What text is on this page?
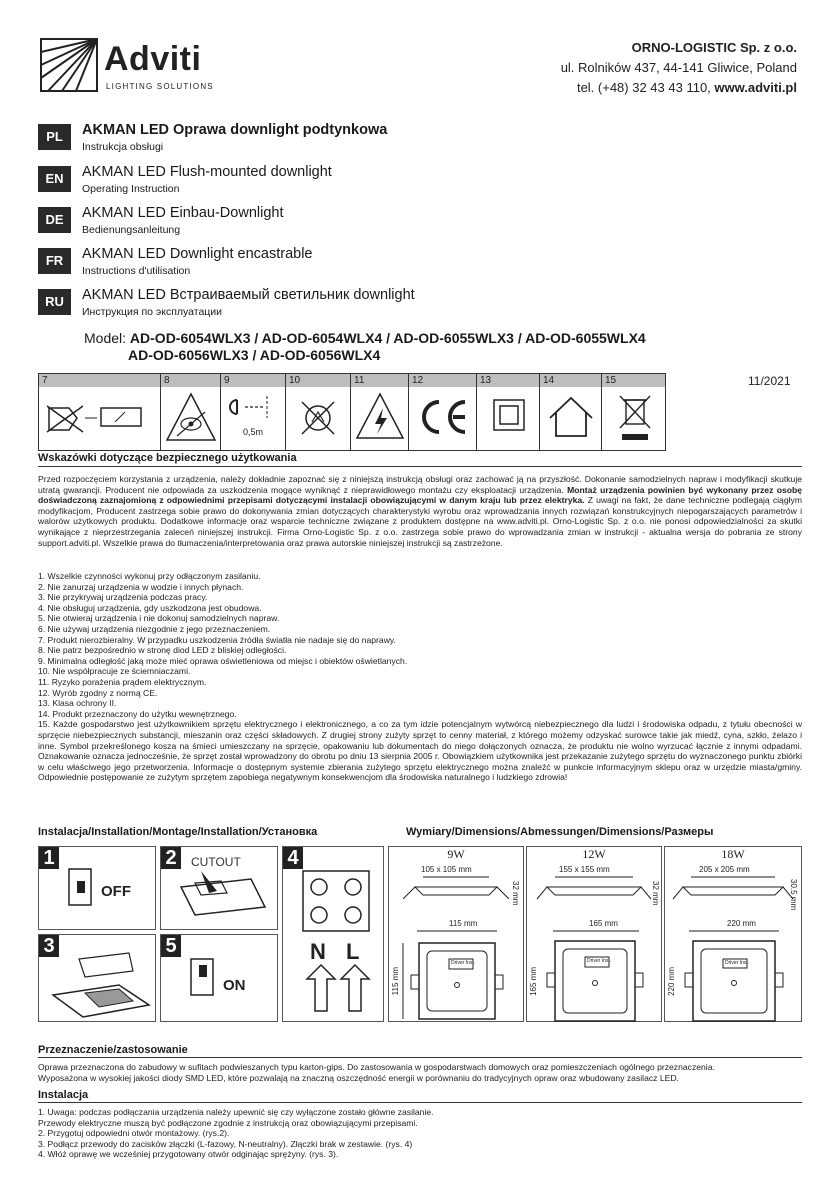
Adviti
LIGHTING SOLUTIONS
ORNO-LOGISTIC Sp. z o.o.
ul. Rolników 437, 44-141 Gliwice, Poland
tel. (+48) 32 43 43 110, www.adviti.pl
PL	AKMAN LED Oprawa downlight podtynkowa
Instrukcja obsługi
EN	AKMAN LED Flush-mounted downlight
Operating Instruction
DE	AKMAN LED Einbau-Downlight
Bedienungsanleitung
FR	AKMAN LED Downlight encastrable
Instructions d'utilisation
RU	AKMAN LED Встраиваемый светильник downlight
Инструкция по эксплуатации
Model: AD-OD-6054WLX3 / AD-OD-6054WLX4 / AD-OD-6055WLX3 / AD-OD-6055WLX4
AD-OD-6056WLX3 / AD-OD-6056WLX4
7	8	9
0,5m
10	11	12	13	14	15	11/2021
Wskazówki dotyczące bezpiecznego użytkowania
Przed rozpoczęciem korzystania z urządzenia, należy dokładnie zapoznać się z niniejszą instrukcją obsługi oraz zachować ją na przyszłość. Dokonanie samodzielnych napraw i modyfikacji skutkuje utratą gwarancji. Producent nie odpowiada za uszkodzenia mogące wyniknąć z nieprawidłowego montażu czy eksploatacji urządzenia. Montaż urządzenia powinien być wykonany przez osobę doświadczoną zaznajomioną z odpowiednimi przepisami dotyczącymi instalacji obowiązującymi w danym kraju lub przez elektryka. Z uwagi na fakt, że dane techniczne podlegają ciągłym modyfikacjom, Producent zastrzega sobie prawo do dokonywania zmian dotyczących charakterystyki wyrobu oraz wprowadzania innych rozwiązań konstrukcyjnych niepogarszających parametrów i walorów użytkowych produktu. Dodatkowe informacje oraz wsparcie techniczne związane z produktem dostępne na www.adviti.pl. Orno-Logistic Sp. z o.o. nie ponosi odpowiedzialności za skutki wynikające z nieprzestrzegania zaleceń niniejszej instrukcji. Firma Orno-Logistic Sp. z o.o. zastrzega sobie prawo do wprowadzania zmian w instrukcji - aktualna wersja do pobrania ze strony support.adviti.pl. Wszelkie prawa do tłumaczenia/interpretowania oraz prawa autorskie niniejszej instrukcji są zastrzeżone.
1. Wszelkie czynności wykonuj przy odłączonym zasilaniu.
2. Nie zanurzaj urządzenia w wodzie i innych płynach.
3. Nie przykrywaj urządzenia podczas pracy.
4. Nie obsługuj urządzenia, gdy uszkodzona jest obudowa.
5. Nie otwieraj urządzenia i nie dokonuj samodzielnych napraw.
6. Nie używaj urządzenia niezgodnie z jego przeznaczeniem.
7. Produkt nierozbieralny. W przypadku uszkodzenia źródła światła nie nadaje się do naprawy.
8. Nie patrz bezpośrednio w stronę diod LED z bliskiej odległości.
9. Minimalna odległość jaką może mieć oprawa oświetleniowa od miejsc i obiektów oświetlanych.
10. Nie współpracuje ze ściemniaczami.
11. Ryzyko porażenia prądem elektrycznym.
12. Wyrób zgodny z normą CE.
13. Klasa ochrony II.
14. Produkt przeznaczony do użytku wewnętrznego.
15. Każde gospodarstwo jest użytkownikiem sprzętu elektrycznego i elektronicznego, a co za tym idzie potencjalnym wytwórcą niebezpiecznego dla ludzi i środowiska odpadu, z tytułu obecności w sprzęcie niebezpiecznych substancji, mieszanin oraz części składowych. Z drugiej strony zużyty sprzęt to cenny materiał, z którego możemy odzyskać surowce takie jak miedź, cyna, szkło, żelazo i inne. Symbol przekreślonego kosza na śmieci umieszczany na sprzęcie, opakowaniu lub dokumentach do niego dołączonych oznacza, że produktu nie wolno wyrzucać łącznie z innymi odpadami. Oznakowanie oznacza jednocześnie, że sprzęt został wprowadzony do obrotu po dniu 13 sierpnia 2005 r. Obowiązkiem użytkownika jest przekazanie zużytego sprzętu do wyznaczonego punktu zbiórki w celu właściwego jego przetworzenia. Informacje o dostępnym systemie zbierania zużytego sprzętu elektrycznego można znaleźć w punkcie informacyjnym sklepu oraz w urzędzie miasta/gminy. Odpowiednie postępowanie ze zużytym sprzętem zapobiega negatywnym konsekwencjom dla środowiska naturalnego i ludzkiego zdrowia!
Instalacja/Installation/Montage/Installation/Установка	Wymiary/Dimensions/Abmessungen/Dimensions/Размеры
1
OFF
2	CUTOUT 4
N L
3	5
ON
9W
105 x 105 mm
32 mm
115 mm
115 mm
Driver Inst.
12W
155 x 155 mm
32 mm
165 mm
165 mm
Driver Inst.
18W
205 x 205 mm
30.5 mm
220 mm
220 mm
Driver Inst.
Przeznaczenie/zastosowanie
Oprawa przeznaczona do zabudowy w sufitach podwieszanych typu karton-gips. Do zastosowania w gospodarstwach domowych oraz pomieszczeniach ogólnego przeznaczenia.
Wyposażona w wysokiej jakości diody SMD LED, które pozwalają na znaczną oszczędność energii w porównaniu do tradycyjnych opraw oraz wbudowany zasilacz LED.
Instalacja
1. Uwaga: podczas podłączania urządzenia należy upewnić się czy wyłączone zostało główne zasilanie.
Przewody elektryczne muszą być podłączone zgodnie z instrukcją oraz obowiązującymi przepisami.
2. Przygotuj odpowiedni otwór montażowy. (rys.2).
3. Podłącz przewody do zacisków złączki (L-fazowy, N-neutralny). Złączki brak w zestawie. (rys. 4)
4. Włóż oprawę we wcześniej przygotowany otwór odginając sprężyny. (rys. 3).
